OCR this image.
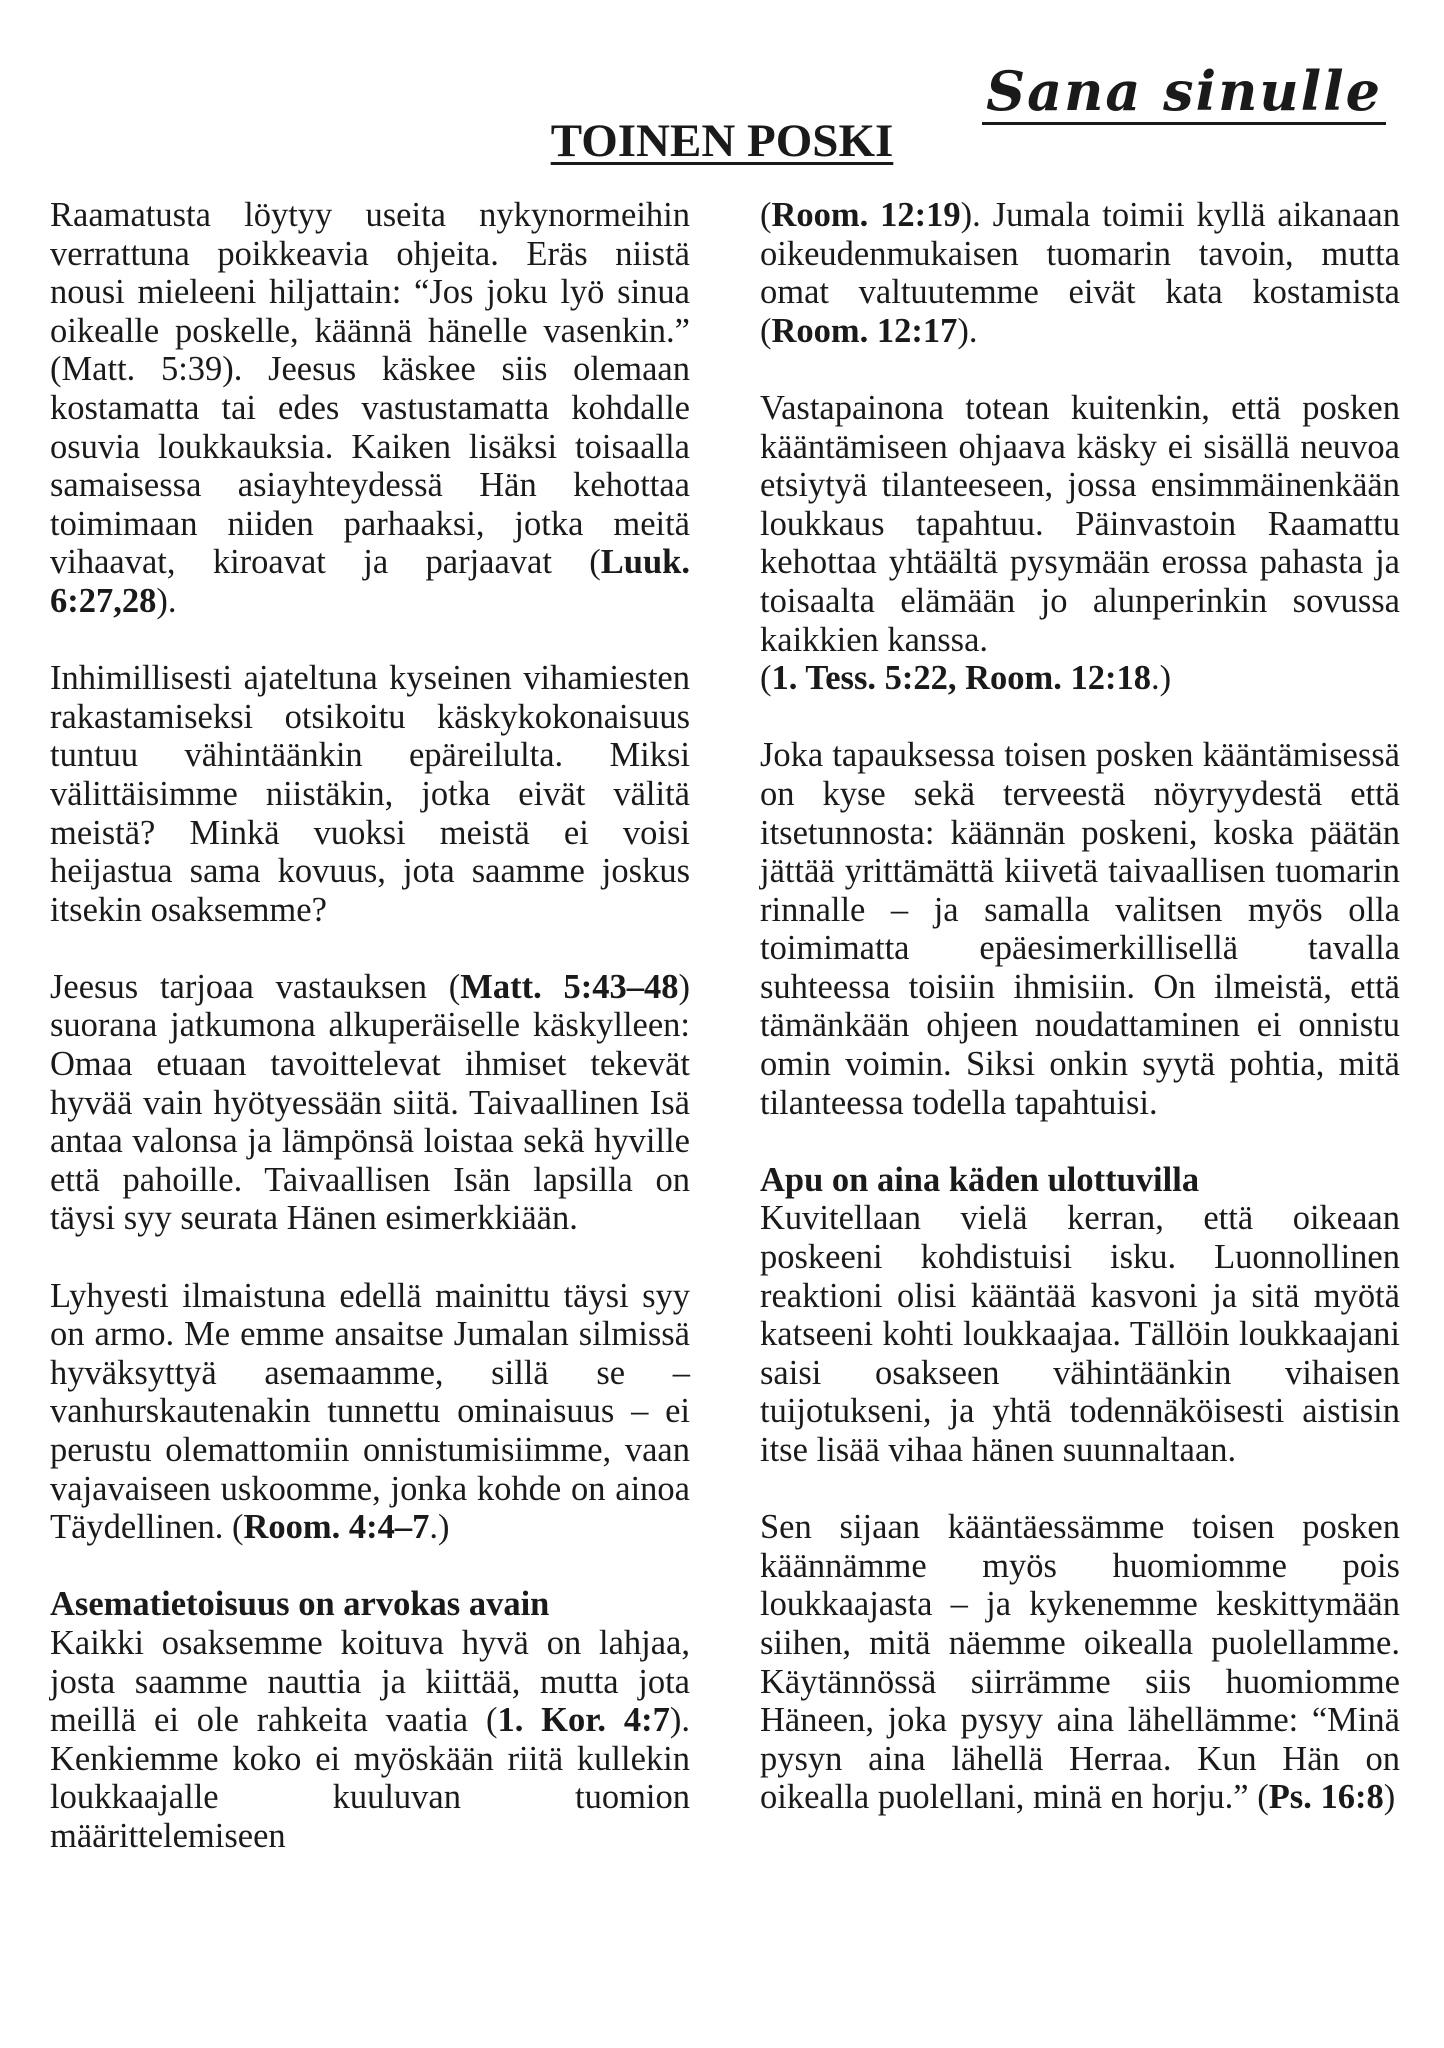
Sana sinulle
TOINEN POSKI

Raamatusta löytyy useita nykynormeihin verrattuna poikkeavia ohjeita. Eräs niistä nousi mieleeni hiljattain: “Jos joku lyö sinua oikealle poskelle, käännä hänelle vasenkin.” (Matt. 5:39). Jeesus käskee siis olemaan kostamatta tai edes vastustamatta kohdalle osuvia loukkauksia. Kaiken lisäksi toisaalla samaisessa asiayhteydessä Hän kehottaa toimimaan niiden parhaaksi, jotka meitä vihaavat, kiroavat ja parjaavat (Luuk. 6:27,28).

Inhimillisesti ajateltuna kyseinen vihamiesten rakastamiseksi otsikoitu käskykokonaisuus tuntuu vähintäänkin epäreilulta. Miksi välittäisimme niistäkin, jotka eivät välitä meistä? Minkä vuoksi meistä ei voisi heijastua sama kovuus, jota saamme joskus itsekin osaksemme?

Jeesus tarjoaa vastauksen (Matt. 5:43–48) suorana jatkumona alkuperäiselle käskylleen: Omaa etuaan tavoittelevat ihmiset tekevät hyvää vain hyötyessään siitä. Taivaallinen Isä antaa valonsa ja lämpönsä loistaa sekä hyville että pahoille. Taivaallisen Isän lapsilla on täysi syy seurata Hänen esimerkkiään.

Lyhyesti ilmaistuna edellä mainittu täysi syy on armo. Me emme ansaitse Jumalan silmissä hyväksyttyä asemaamme, sillä se – vanhurskautenakin tunnettu ominaisuus – ei perustu olemattomiin onnistumisiimme, vaan vajavaiseen uskoomme, jonka kohde on ainoa Täydellinen. (Room. 4:4–7.)

Asematietoisuus on arvokas avain

Kaikki osaksemme koituva hyvä on lahjaa, josta saamme nauttia ja kiittää, mutta jota meillä ei ole rahkeita vaatia (1. Kor. 4:7). Kenkiemme koko ei myöskään riitä kullekin loukkaajalle kuuluvan tuomion määrittelemiseen

(Room. 12:19). Jumala toimii kyllä aikanaan oikeudenmukaisen tuomarin tavoin, mutta omat valtuutemme eivät kata kostamista (Room. 12:17).

Vastapainona totean kuitenkin, että posken kääntämiseen ohjaava käsky ei sisällä neuvoa etsiytyä tilanteeseen, jossa ensimmäinenkään loukkaus tapahtuu. Päinvastoin Raamattu kehottaa yhtäältä pysymään erossa pahasta ja toisaalta elämään jo alunperinkin sovussa kaikkien kanssa.
(1. Tess. 5:22, Room. 12:18.)

Joka tapauksessa toisen posken kääntämisessä on kyse sekä terveestä nöyryydestä että itsetunnosta: käännän poskeni, koska päätän jättää yrittämättä kiivetä taivaallisen tuomarin rinnalle – ja samalla valitsen myös olla toimimatta epäesimerkillisellä tavalla suhteessa toisiin ihmisiin. On ilmeistä, että tämänkään ohjeen noudattaminen ei onnistu omin voimin. Siksi onkin syytä pohtia, mitä tilanteessa todella tapahtuisi.

Apu on aina käden ulottuvilla

Kuvitellaan vielä kerran, että oikeaan poskeeni kohdistuisi isku. Luonnollinen reaktioni olisi kääntää kasvoni ja sitä myötä katseeni kohti loukkaajaa. Tällöin loukkaajani saisi osakseen vähintäänkin vihaisen tuijotukseni, ja yhtä todennäköisesti aistisin itse lisää vihaa hänen suunnaltaan.

Sen sijaan kääntäessämme toisen posken käännämme myös huomiomme pois loukkaajasta – ja kykenemme keskittymään siihen, mitä näemme oikealla puolellamme. Käytännössä siirrämme siis huomiomme Häneen, joka pysyy aina lähellämme: “Minä pysyn aina lähellä Herraa. Kun Hän on oikealla puolellani, minä en horju.” (Ps. 16:8)
